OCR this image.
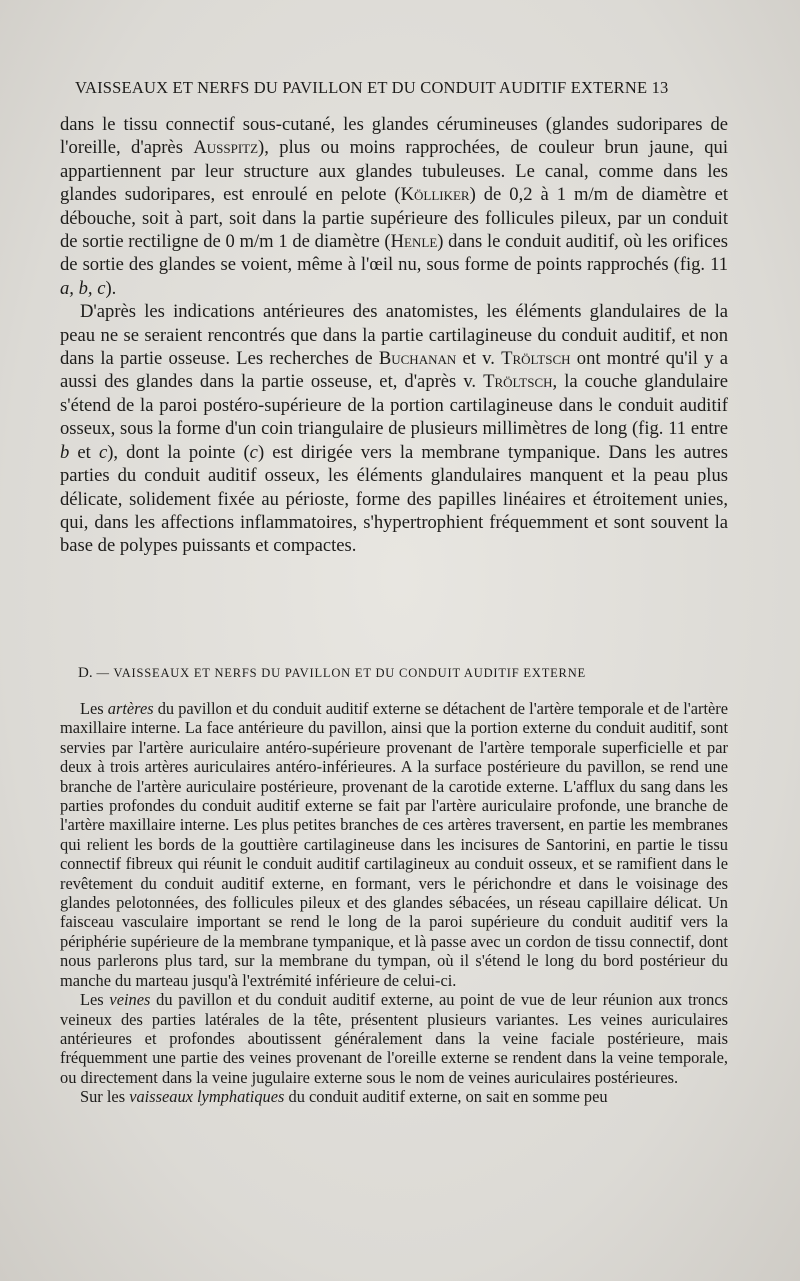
VAISSEAUX ET NERFS DU PAVILLON ET DU CONDUIT AUDITIF EXTERNE 13

dans le tissu connectif sous-cutané, les glandes cérumineuses (glandes sudoripares de l'oreille, d'après Ausspitz), plus ou moins rapprochées, de couleur brun jaune, qui appartiennent par leur structure aux glandes tubuleuses. Le canal, comme dans les glandes sudoripares, est enroulé en pelote (Kölliker) de 0,2 à 1 m/m de diamètre et débouche, soit à part, soit dans la partie supérieure des follicules pileux, par un conduit de sortie rectiligne de 0 m/m 1 de diamètre (Henle) dans le conduit auditif, où les orifices de sortie des glandes se voient, même à l'œil nu, sous forme de points rapprochés (fig. 11 a, b, c).

D'après les indications antérieures des anatomistes, les éléments glandulaires de la peau ne se seraient rencontrés que dans la partie cartilagineuse du conduit auditif, et non dans la partie osseuse. Les recherches de Buchanan et v. Tröltsch ont montré qu'il y a aussi des glandes dans la partie osseuse, et, d'après v. Tröltsch, la couche glandulaire s'étend de la paroi postéro-supérieure de la portion cartilagineuse dans le conduit auditif osseux, sous la forme d'un coin triangulaire de plusieurs millimètres de long (fig. 11 entre b et c), dont la pointe (c) est dirigée vers la membrane tympanique. Dans les autres parties du conduit auditif osseux, les éléments glandulaires manquent et la peau plus délicate, solidement fixée au périoste, forme des papilles linéaires et étroitement unies, qui, dans les affections inflammatoires, s'hypertrophient fréquemment et sont souvent la base de polypes puissants et compactes.

D. — VAISSEAUX ET NERFS DU PAVILLON ET DU CONDUIT AUDITIF EXTERNE

Les artères du pavillon et du conduit auditif externe se détachent de l'artère temporale et de l'artère maxillaire interne. La face antérieure du pavillon, ainsi que la portion externe du conduit auditif, sont servies par l'artère auriculaire antéro-supérieure provenant de l'artère temporale superficielle et par deux à trois artères auriculaires antéro-inférieures. A la surface postérieure du pavillon, se rend une branche de l'artère auriculaire postérieure, provenant de la carotide externe. L'afflux du sang dans les parties profondes du conduit auditif externe se fait par l'artère auriculaire profonde, une branche de l'artère maxillaire interne. Les plus petites branches de ces artères traversent, en partie les membranes qui relient les bords de la gouttière cartilagineuse dans les incisures de Santorini, en partie le tissu connectif fibreux qui réunit le conduit auditif cartilagineux au conduit osseux, et se ramifient dans le revêtement du conduit auditif externe, en formant, vers le périchondre et dans le voisinage des glandes pelotonnées, des follicules pileux et des glandes sébacées, un réseau capillaire délicat. Un faisceau vasculaire important se rend le long de la paroi supérieure du conduit auditif vers la périphérie supérieure de la membrane tympanique, et là passe avec un cordon de tissu connectif, dont nous parlerons plus tard, sur la membrane du tympan, où il s'étend le long du bord postérieur du manche du marteau jusqu'à l'extrémité inférieure de celui-ci.

Les veines du pavillon et du conduit auditif externe, au point de vue de leur réunion aux troncs veineux des parties latérales de la tête, présentent plusieurs variantes. Les veines auriculaires antérieures et profondes aboutissent généralement dans la veine faciale postérieure, mais fréquemment une partie des veines provenant de l'oreille externe se rendent dans la veine temporale, ou directement dans la veine jugulaire externe sous le nom de veines auriculaires postérieures.

Sur les vaisseaux lymphatiques du conduit auditif externe, on sait en somme peu
